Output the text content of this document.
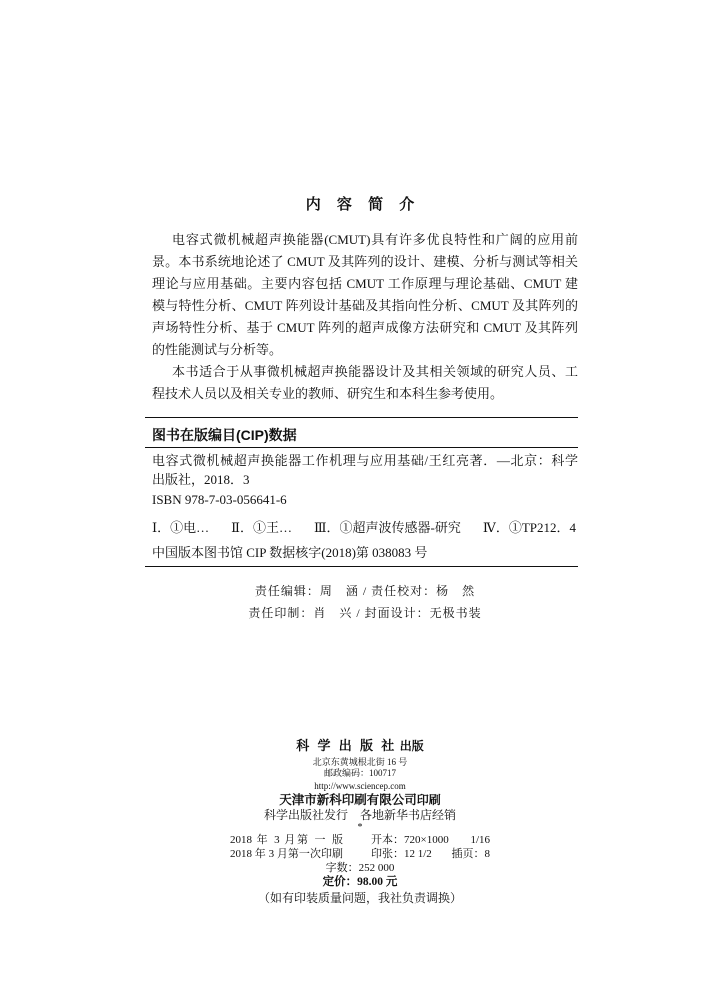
内 容 简 介
电容式微机械超声换能器(CMUT)具有许多优良特性和广阔的应用前
景。本书系统地论述了 CMUT 及其阵列的设计、建模、分析与测试等相关
理论与应用基础。主要内容包括 CMUT 工作原理与理论基础、CMUT 建
模与特性分析、CMUT 阵列设计基础及其指向性分析、CMUT 及其阵列的
声场特性分析、基于 CMUT 阵列的超声成像方法研究和 CMUT 及其阵列
的性能测试与分析等。
本书适合于从事微机械超声换能器设计及其相关领域的研究人员、工
程技术人员以及相关专业的教师、研究生和本科生参考使用。
图书在版编目(CIP)数据
电容式微机械超声换能器工作机理与应用基础/王红亮著．—北京：科学
出版社，2018．3
ISBN 978-7-03-056641-6
Ⅰ．①电… Ⅱ．①王… Ⅲ．①超声波传感器-研究 Ⅳ．①TP212．4
中国版本图书馆 CIP 数据核字(2018)第 038083 号
责任编辑：周　涵 / 责任校对：杨　然
责任印制：肖　兴 / 封面设计：无极书装
科 学 出 版 社 出版
北京东黄城根北街 16 号
邮政编码：100717
http://www.sciencep.com
天津市新科印刷有限公司印刷
科学出版社发行　各地新华书店经销
*
2018 年 3 月第 一 版	开本：720×1000 1/16
2018 年 3 月第一次印刷	印张：12 1/2 插页：8
字数：252 000
定价：98.00 元
（如有印装质量问题，我社负责调换）
